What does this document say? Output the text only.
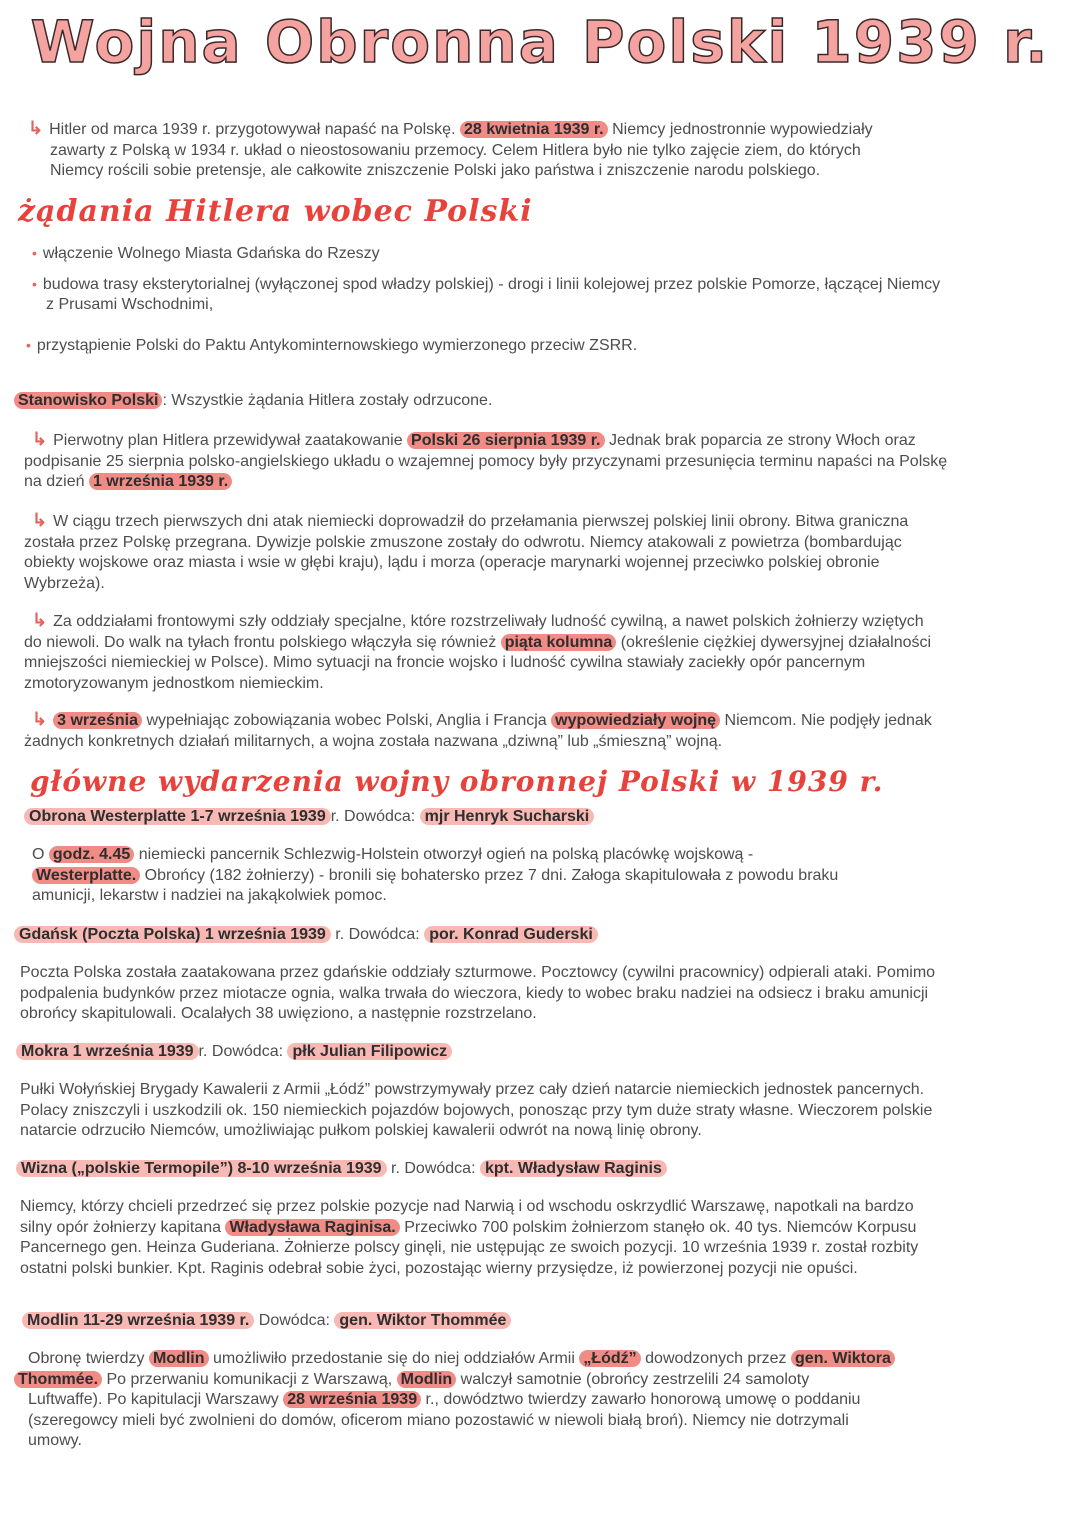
Wojna Obronna Polski 1939 r.
↳ Hitler od marca 1939 r. przygotowywał napaść na Polskę. 28 kwietnia 1939 r. Niemcy jednostronnie wypowiedziały
zawarty z Polską w 1934 r. układ o nieostosowaniu przemocy. Celem Hitlera było nie tylko zajęcie ziem, do których
Niemcy rościli sobie pretensje, ale całkowite zniszczenie Polski jako państwa i zniszczenie narodu polskiego.
żądania Hitlera wobec Polski
• włączenie Wolnego Miasta Gdańska do Rzeszy
• budowa trasy eksterytorialnej (wyłączonej spod władzy polskiej) - drogi i linii kolejowej przez polskie Pomorze, łączącej Niemcy
z Prusami Wschodnimi,
• przystąpienie Polski do Paktu Antykominternowskiego wymierzonego przeciw ZSRR.
Stanowisko Polski : Wszystkie żądania Hitlera zostały odrzucone.
↳ Pierwotny plan Hitlera przewidywał zaatakowanie Polski 26 sierpnia 1939 r. Jednak brak poparcia ze strony Włoch oraz
podpisanie 25 sierpnia polsko-angielskiego układu o wzajemnej pomocy były przyczynami przesunięcia terminu napaści na Polskę
na dzień 1 września 1939 r.
↳ W ciągu trzech pierwszych dni atak niemiecki doprowadził do przełamania pierwszej polskiej linii obrony. Bitwa graniczna
została przez Polskę przegrana. Dywizje polskie zmuszone zostały do odwrotu. Niemcy atakowali z powietrza (bombardując
obiekty wojskowe oraz miasta i wsie w głębi kraju), lądu i morza (operacje marynarki wojennej przeciwko polskiej obronie
Wybrzeża).
↳ Za oddziałami frontowymi szły oddziały specjalne, które rozstrzeliwały ludność cywilną, a nawet polskich żołnierzy wziętych
do niewoli. Do walk na tyłach frontu polskiego włączyła się również piąta kolumna (określenie ciężkiej dywersyjnej działalności
mniejszości niemieckiej w Polsce). Mimo sytuacji na froncie wojsko i ludność cywilna stawiały zaciekły opór pancernym
zmotoryzowanym jednostkom niemieckim.
↳ 3 września wypełniając zobowiązania wobec Polski, Anglia i Francja wypowiedziały wojnę Niemcom. Nie podjęły jednak
żadnych konkretnych działań militarnych, a wojna została nazwana „dziwną” lub „śmieszną” wojną.
główne wydarzenia wojny obronnej Polski w 1939 r.
Obrona Westerplatte 1-7 września 1939 r. Dowódca: mjr Henryk Sucharski
O godz. 4.45 niemiecki pancernik Schlezwig-Holstein otworzył ogień na polską placówkę wojskową -
Westerplatte. Obrońcy (182 żołnierzy) - bronili się bohatersko przez 7 dni. Załoga skapitulowała z powodu braku
amunicji, lekarstw i nadziei na jakąkolwiek pomoc.
Gdańsk (Poczta Polska) 1 września 1939 r. Dowódca: por. Konrad Guderski
Poczta Polska została zaatakowana przez gdańskie oddziały szturmowe. Pocztowcy (cywilni pracownicy) odpierali ataki. Pomimo
podpalenia budynków przez miotacze ognia, walka trwała do wieczora, kiedy to wobec braku nadziei na odsiecz i braku amunicji
obrońcy skapitulowali. Ocalałych 38 uwięziono, a następnie rozstrzelano.
Mokra 1 września 1939 r. Dowódca: płk Julian Filipowicz
Pułki Wołyńskiej Brygady Kawalerii z Armii „Łódź” powstrzymywały przez cały dzień natarcie niemieckich jednostek pancernych.
Polacy zniszczyli i uszkodzili ok. 150 niemieckich pojazdów bojowych, ponosząc przy tym duże straty własne. Wieczorem polskie
natarcie odrzuciło Niemców, umożliwiając pułkom polskiej kawalerii odwrót na nową linię obrony.
Wizna („polskie Termopile”) 8-10 września 1939 r. Dowódca: kpt. Władysław Raginis
Niemcy, którzy chcieli przedrzeć się przez polskie pozycje nad Narwią i od wschodu oskrzydlić Warszawę, napotkali na bardzo
silny opór żołnierzy kapitana Władysława Raginisa. Przeciwko 700 polskim żołnierzom stanęło ok. 40 tys. Niemców Korpusu
Pancernego gen. Heinza Guderiana. Żołnierze polscy ginęli, nie ustępując ze swoich pozycji. 10 września 1939 r. został rozbity
ostatni polski bunkier. Kpt. Raginis odebrał sobie życi, pozostając wierny przysiędze, iż powierzonej pozycji nie opuści.
Modlin 11-29 września 1939 r. Dowódca: gen. Wiktor Thommée
Obronę twierdzy Modlin umożliwiło przedostanie się do niej oddziałów Armii „Łódź” dowodzonych przez gen. Wiktora
Thommée. Po przerwaniu komunikacji z Warszawą, Modlin walczył samotnie (obrońcy zestrzelili 24 samoloty
Luftwaffe). Po kapitulacji Warszawy 28 września 1939 r., dowództwo twierdzy zawarło honorową umowę o poddaniu
(szeregowcy mieli być zwolnieni do domów, oficerom miano pozostawić w niewoli białą broń). Niemcy nie dotrzymali
umowy.
